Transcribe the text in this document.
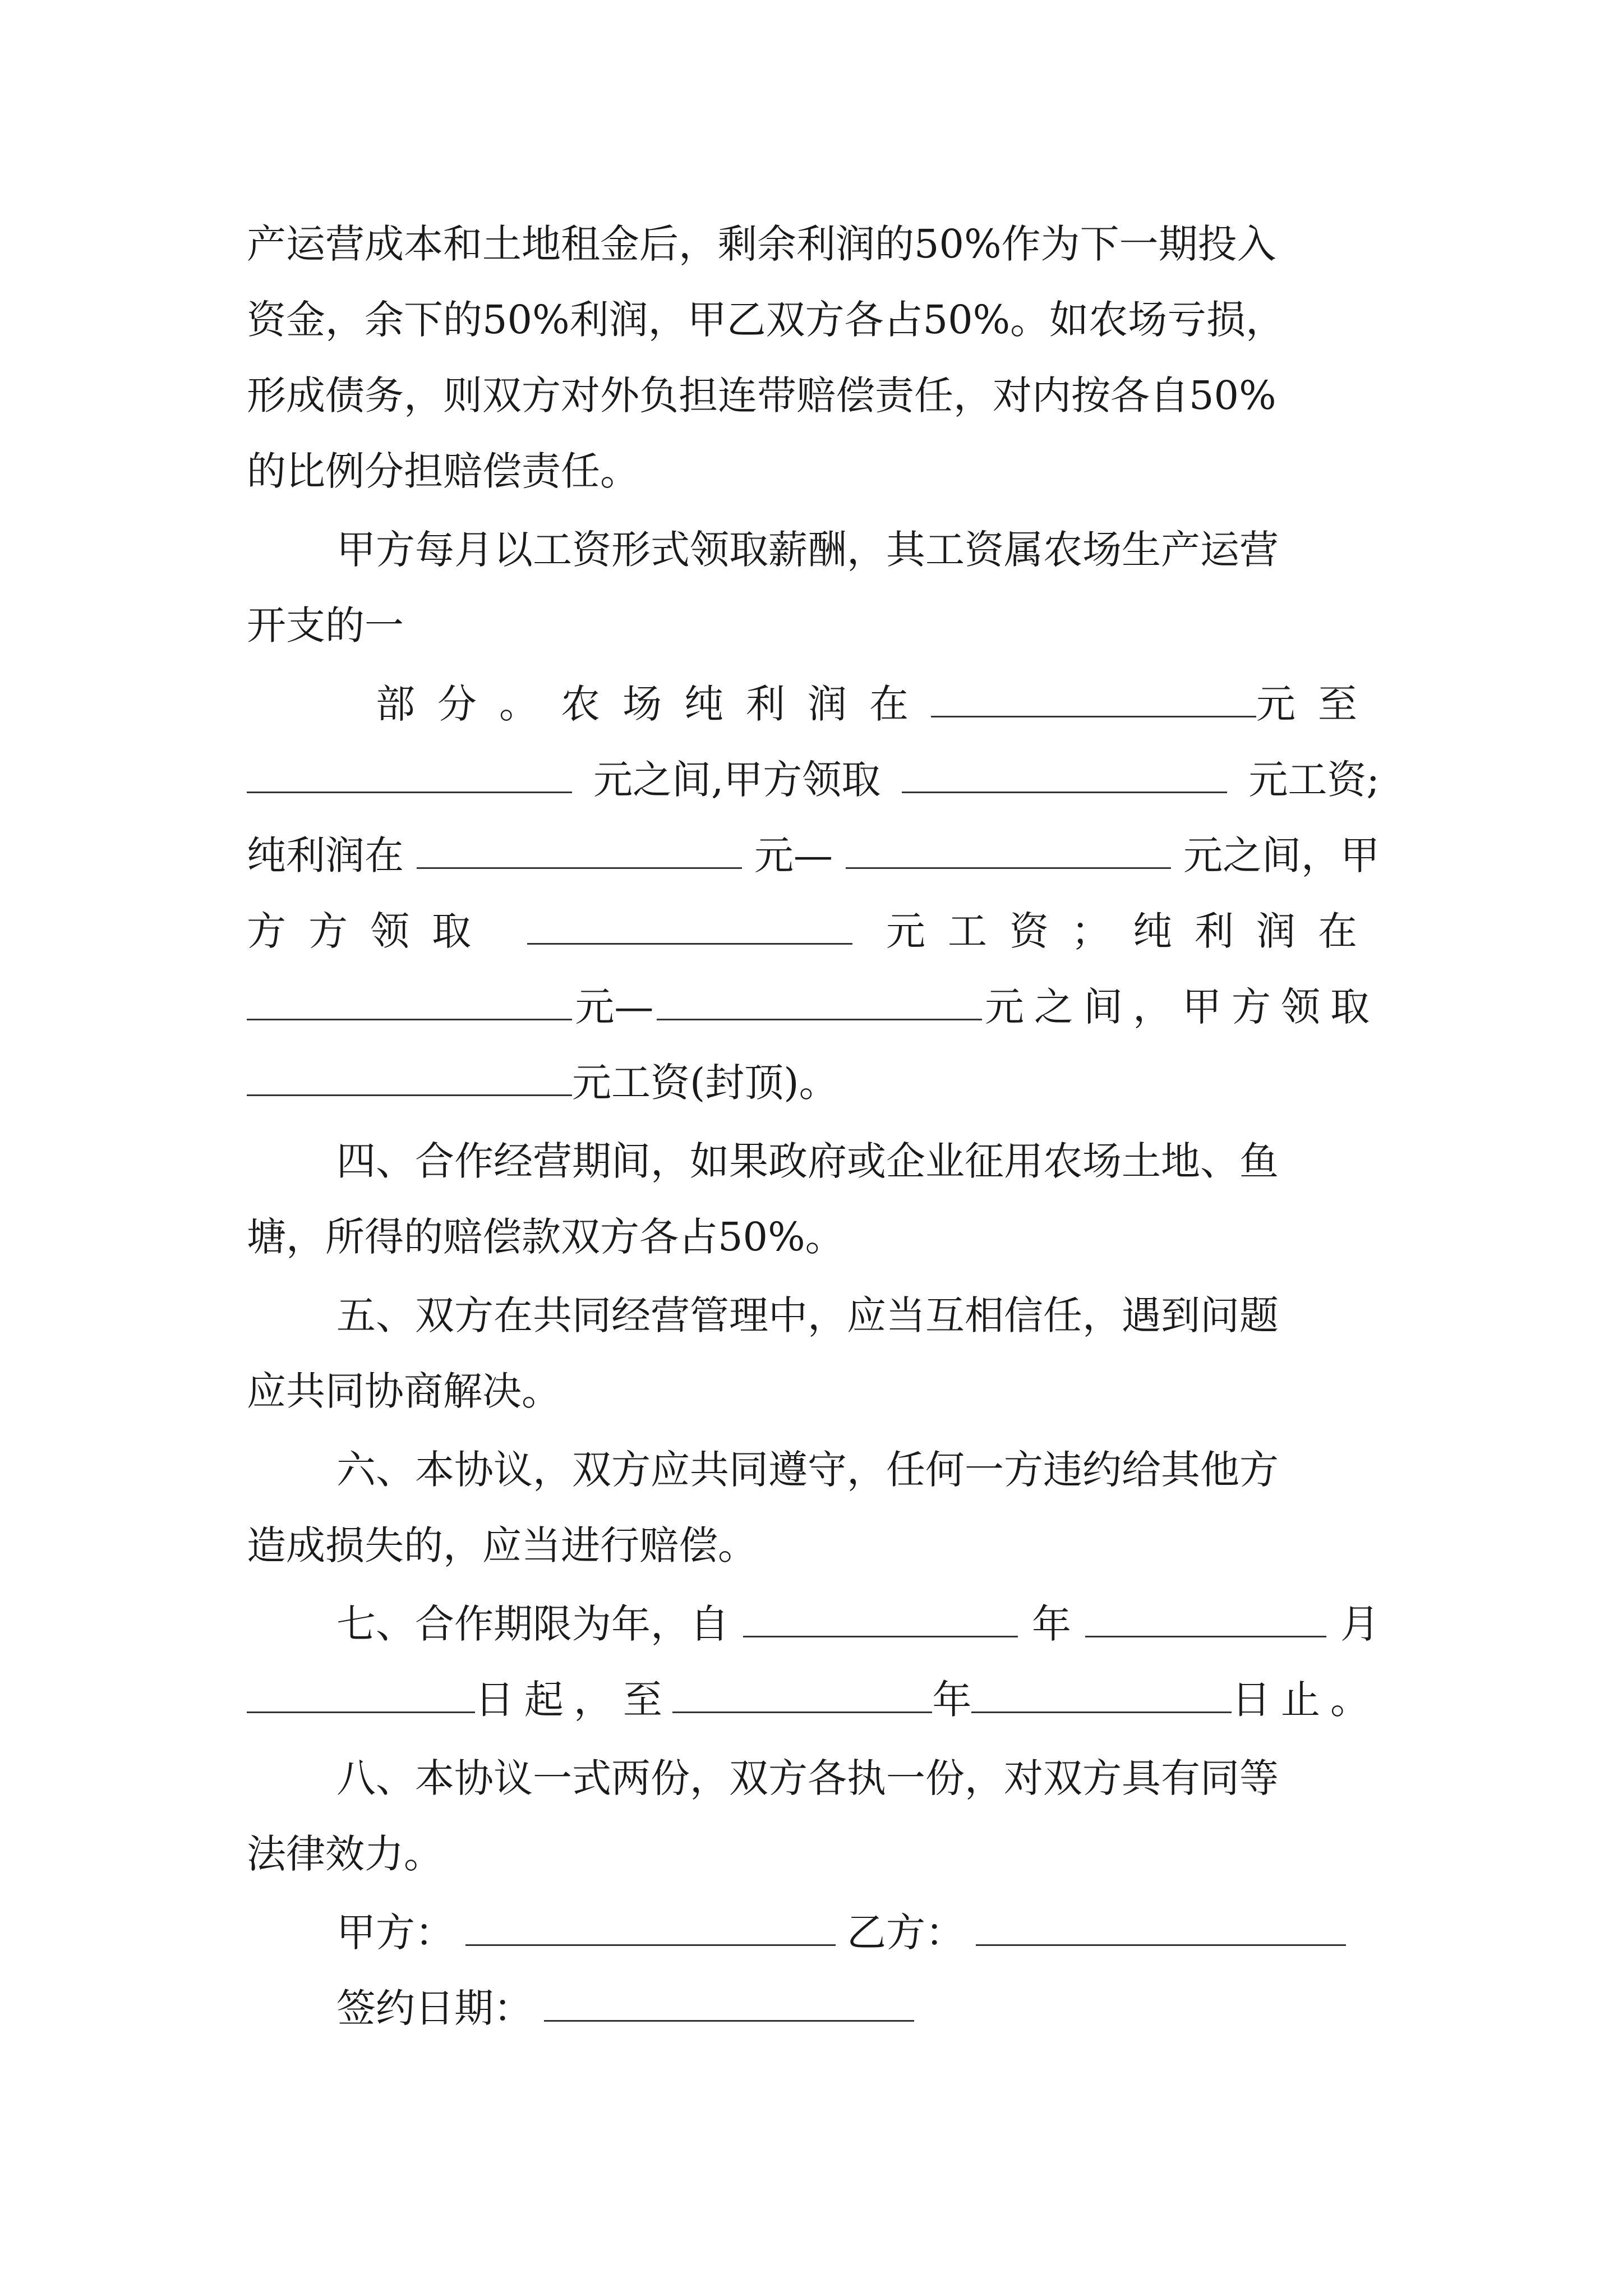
产运营成本和土地租金后，剩余利润的50%作为下一期投入
资金，余下的50%利润，甲乙双方各占50%。如农场亏损，
形成债务，则双方对外负担连带赔偿责任，对内按各自50%
的比例分担赔偿责任。
甲方每月以工资形式领取薪酬，其工资属农场生产运营
开支的一
部分。农场纯利润在	元至
元之间,甲方领取	元工资;
纯利润在	元—	元之间，甲
方方领取	元工资；纯利润在
元—	元之间，甲方领取
元工资(封顶)。
四、合作经营期间，如果政府或企业征用农场土地、鱼
塘，所得的赔偿款双方各占50%。
五、双方在共同经营管理中，应当互相信任，遇到问题
应共同协商解决。
六、本协议，双方应共同遵守，任何一方违约给其他方
造成损失的，应当进行赔偿。
七、合作期限为年，自	年	月
日起，至	年	日止。
八、本协议一式两份，双方各执一份，对双方具有同等
法律效力。
甲方：	乙方：
签约日期：
